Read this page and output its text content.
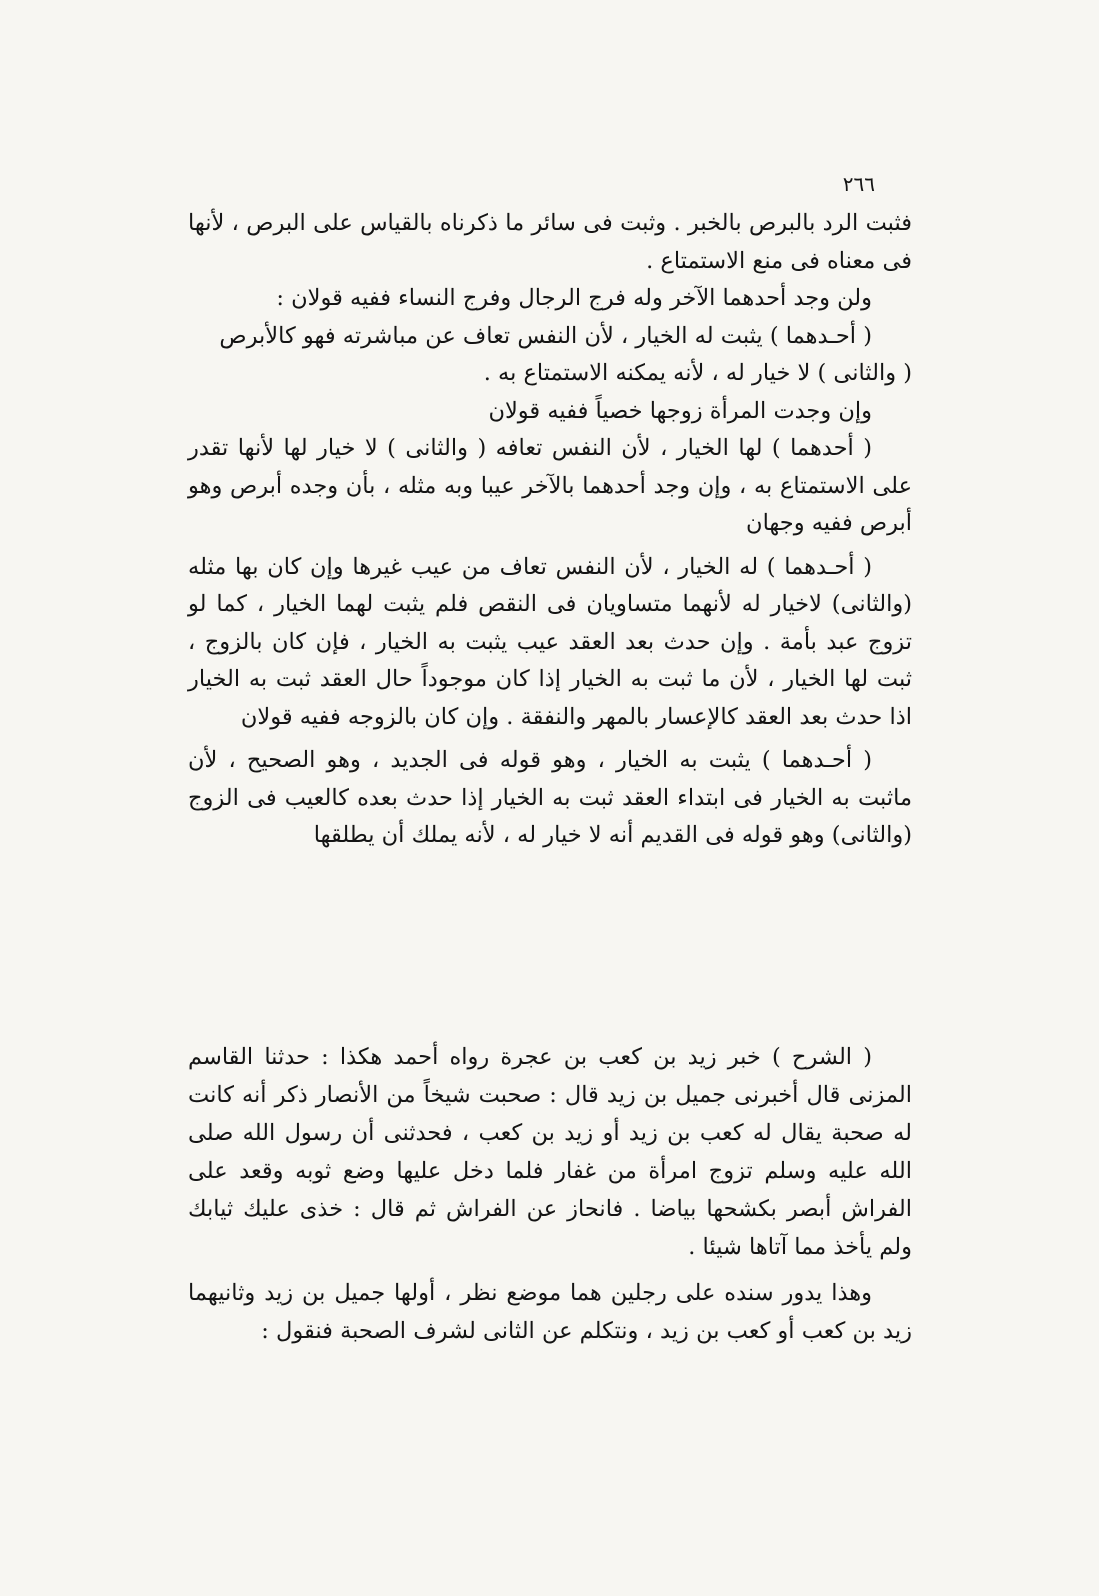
٢٦٦

فثبت الرد بالبرص بالخبر . وثبت فى سائر ما ذكرناه بالقياس على البرص ، لأنها فى معناه فى منع الاستمتاع .

ولن وجد أحدهما الآخر وله فرج الرجال وفرج النساء ففيه قولان :

( أحـدهما ) يثبت له الخيار ، لأن النفس تعاف عن مباشرته فهو كالأبرص

( والثانى ) لا خيار له ، لأنه يمكنه الاستمتاع به .

وإن وجدت المرأة زوجها خصياً ففيه قولان

( أحدهما ) لها الخيار ، لأن النفس تعافه ( والثانى ) لا خيار لها لأنها تقدر على الاستمتاع به ، وإن وجد أحدهما بالآخر عيبا وبه مثله ، بأن وجده أبرص وهو أبرص ففيه وجهان

( أحـدهما ) له الخيار ، لأن النفس تعاف من عيب غيرها وإن كان بها مثله (والثانى) لاخيار له لأنهما متساويان فى النقص فلم يثبت لهما الخيار ، كما لو تزوج عبد بأمة . وإن حدث بعد العقد عيب يثبت به الخيار ، فإن كان بالزوج ، ثبت لها الخيار ، لأن ما ثبت به الخيار إذا كان موجوداً حال العقد ثبت به الخيار اذا حدث بعد العقد كالإعسار بالمهر والنفقة . وإن كان بالزوجه ففيه قولان

( أحـدهما ) يثبت به الخيار ، وهو قوله فى الجديد ، وهو الصحيح ، لأن ماثبت به الخيار فى ابتداء العقد ثبت به الخيار إذا حدث بعده كالعيب فى الزوج (والثانى) وهو قوله فى القديم أنه لا خيار له ، لأنه يملك أن يطلقها

( الشرح ) خبر زيد بن كعب بن عجرة رواه أحمد هكذا : حدثنا القاسم المزنى قال أخبرنى جميل بن زيد قال : صحبت شيخاً من الأنصار ذكر أنه كانت له صحبة يقال له كعب بن زيد أو زيد بن كعب ، فحدثنى أن رسول الله صلى الله عليه وسلم تزوج امرأة من غفار فلما دخل عليها وضع ثوبه وقعد على الفراش أبصر بكشحها بياضا . فانحاز عن الفراش ثم قال : خذى عليك ثيابك ولم يأخذ مما آتاها شيئا .

وهذا يدور سنده على رجلين هما موضع نظر ، أولها جميل بن زيد وثانيهما زيد بن كعب أو كعب بن زيد ، ونتكلم عن الثانى لشرف الصحبة فنقول :
